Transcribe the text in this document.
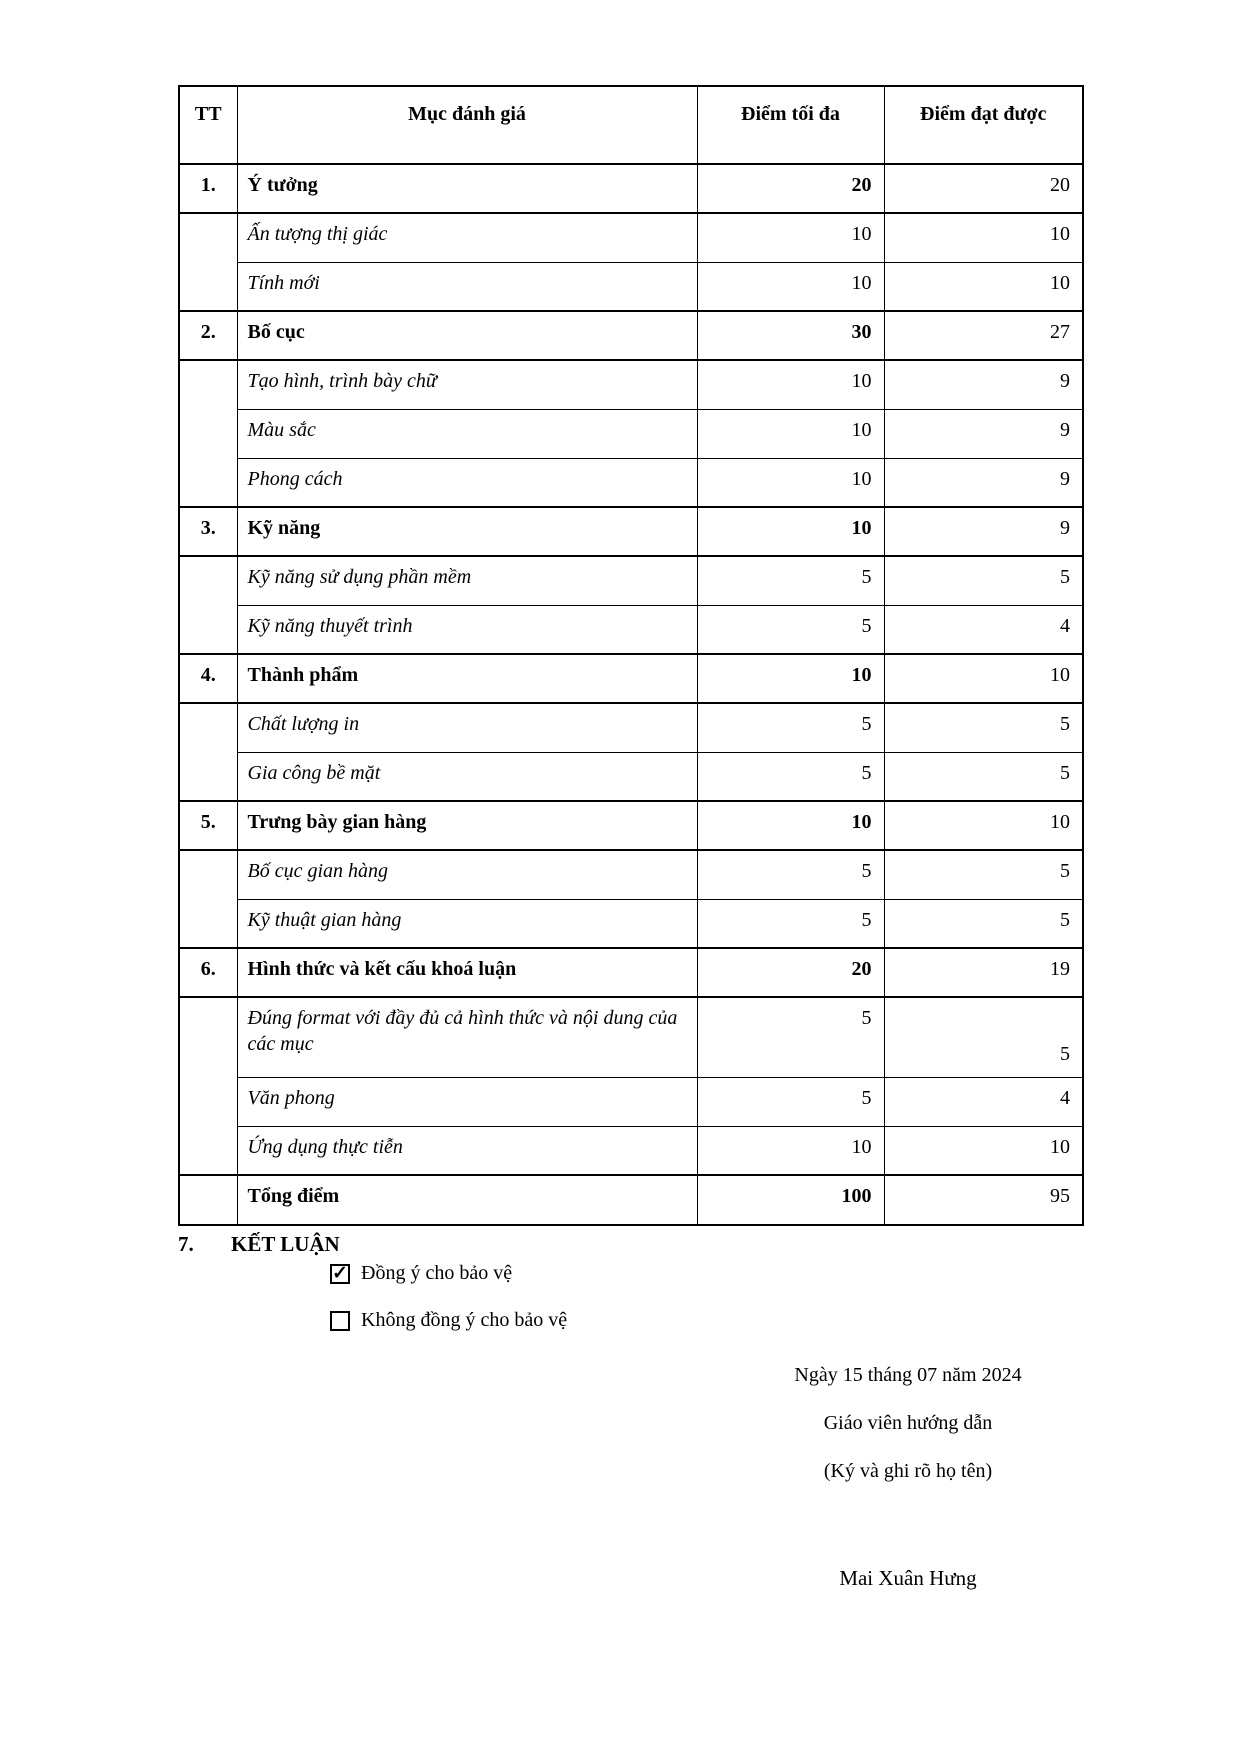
TT	Mục đánh giá	Điểm tối đa	Điểm đạt được
1.	Ý tưởng	20	20
	Ấn tượng thị giác	10	10
	Tính mới	10	10
2.	Bố cục	30	27
	Tạo hình, trình bày chữ	10	9
	Màu sắc	10	9
	Phong cách	10	9
3.	Kỹ năng	10	9
	Kỹ năng sử dụng phần mềm	5	5
	Kỹ năng thuyết trình	5	4
4.	Thành phẩm	10	10
	Chất lượng in	5	5
	Gia công bề mặt	5	5
5.	Trưng bày gian hàng	10	10
	Bố cục gian hàng	5	5
	Kỹ thuật gian hàng	5	5
6.	Hình thức và kết cấu khoá luận	20	19
	Đúng format với đầy đủ cả hình thức và nội dung của các mục	5	5
	Văn phong	5	4
	Ứng dụng thực tiễn	10	10
	Tổng điểm	100	95
7. KẾT LUẬN
✓ Đồng ý cho bảo vệ
Không đồng ý cho bảo vệ
Ngày 15 tháng 07 năm 2024
Giáo viên hướng dẫn
(Ký và ghi rõ họ tên)
Mai Xuân Hưng
